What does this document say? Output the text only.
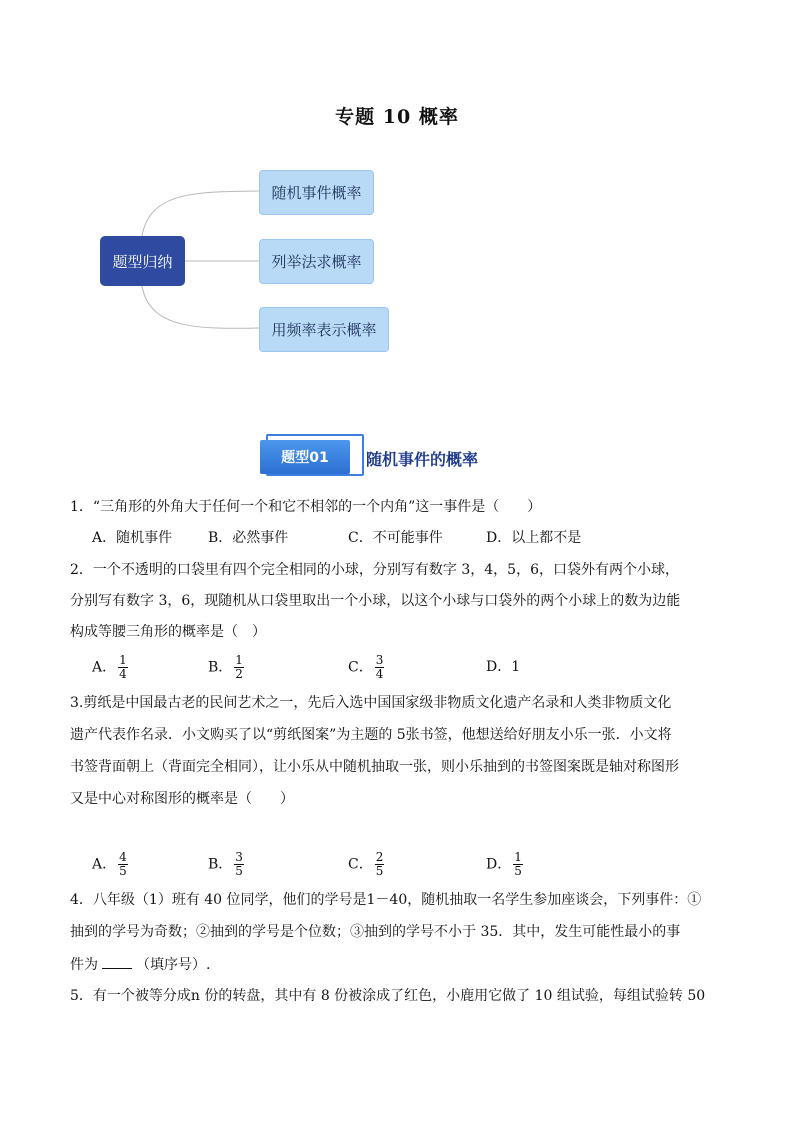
专题 10 概率
题型归纳
随机事件概率
列举法求概率
用频率表示概率
题型01	随机事件的概率
1．“三角形的外角大于任何一个和它不相邻的一个内角”这一事件是（　　）
A．随机事件	B．必然事件	C．不可能事件	D．以上都不是
2．一个不透明的口袋里有四个完全相同的小球，分别写有数字 3，4，5，6，口袋外有两个小球，
分别写有数字 3，6，现随机从口袋里取出一个小球，以这个小球与口袋外的两个小球上的数为边能
构成等腰三角形的概率是（　）
A． $\frac{1}{4}$	B． $\frac{1}{2}$	C． $\frac{3}{4}$	D．1
3.剪纸是中国最古老的民间艺术之一，先后入选中国国家级非物质文化遗产名录和人类非物质文化
遗产代表作名录．小文购买了以“剪纸图案”为主题的 5张书签，他想送给好朋友小乐一张．小文将
书签背面朝上（背面完全相同），让小乐从中随机抽取一张，则小乐抽到的书签图案既是轴对称图形
又是中心对称图形的概率是（　　）
A． $\frac{4}{5}$	B． $\frac{3}{5}$	C． $\frac{2}{5}$	D． $\frac{1}{5}$
4．八年级（1）班有 40 位同学，他们的学号是1－40，随机抽取一名学生参加座谈会，下列事件：①
抽到的学号为奇数；②抽到的学号是个位数；③抽到的学号不小于 35．其中，发生可能性最小的事
件为	（填序号）.
5．有一个被等分成n 份的转盘，其中有 8 份被涂成了红色，小鹿用它做了 10 组试验，每组试验转 50
